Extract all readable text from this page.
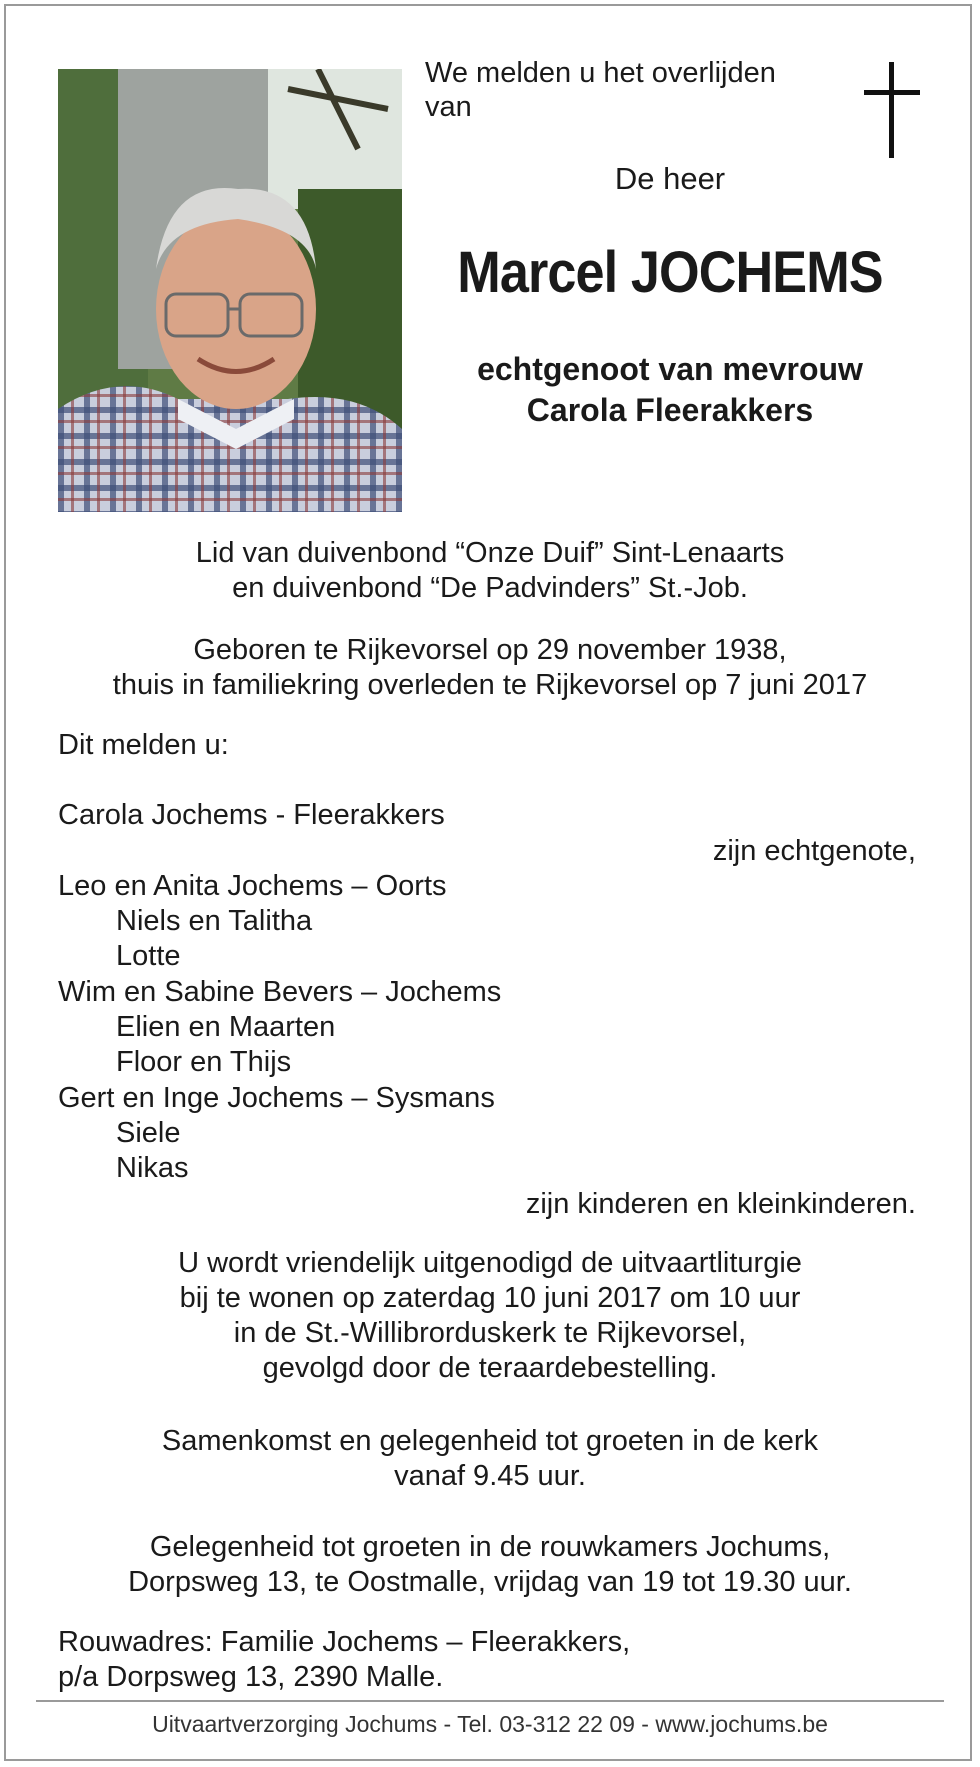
We melden u het overlijden
van
De heer
Marcel JOCHEMS
echtgenoot van mevrouw
Carola Fleerakkers
Lid van duivenbond “Onze Duif” Sint-Lenaarts
en duivenbond “De Padvinders” St.-Job.
Geboren te Rijkevorsel op 29 november 1938,
thuis in familiekring overleden te Rijkevorsel op 7 juni 2017
Dit melden u:
Carola Jochems - Fleerakkers
zijn echtgenote,
Leo en Anita Jochems – Oorts
Niels en Talitha
Lotte
Wim en Sabine Bevers – Jochems
Elien en Maarten
Floor en Thijs
Gert en Inge Jochems – Sysmans
Siele
Nikas
zijn kinderen en kleinkinderen.
U wordt vriendelijk uitgenodigd de uitvaartliturgie
bij te wonen op zaterdag 10 juni 2017 om 10 uur
in de St.-Willibrorduskerk te Rijkevorsel,
gevolgd door de teraardebestelling.
Samenkomst en gelegenheid tot groeten in de kerk
vanaf 9.45 uur.
Gelegenheid tot groeten in de rouwkamers Jochums,
Dorpsweg 13, te Oostmalle, vrijdag van 19 tot 19.30 uur.
Rouwadres: Familie Jochems – Fleerakkers,
p/a Dorpsweg 13, 2390 Malle.
Uitvaartverzorging Jochums - Tel. 03-312 22 09 - www.jochums.be
